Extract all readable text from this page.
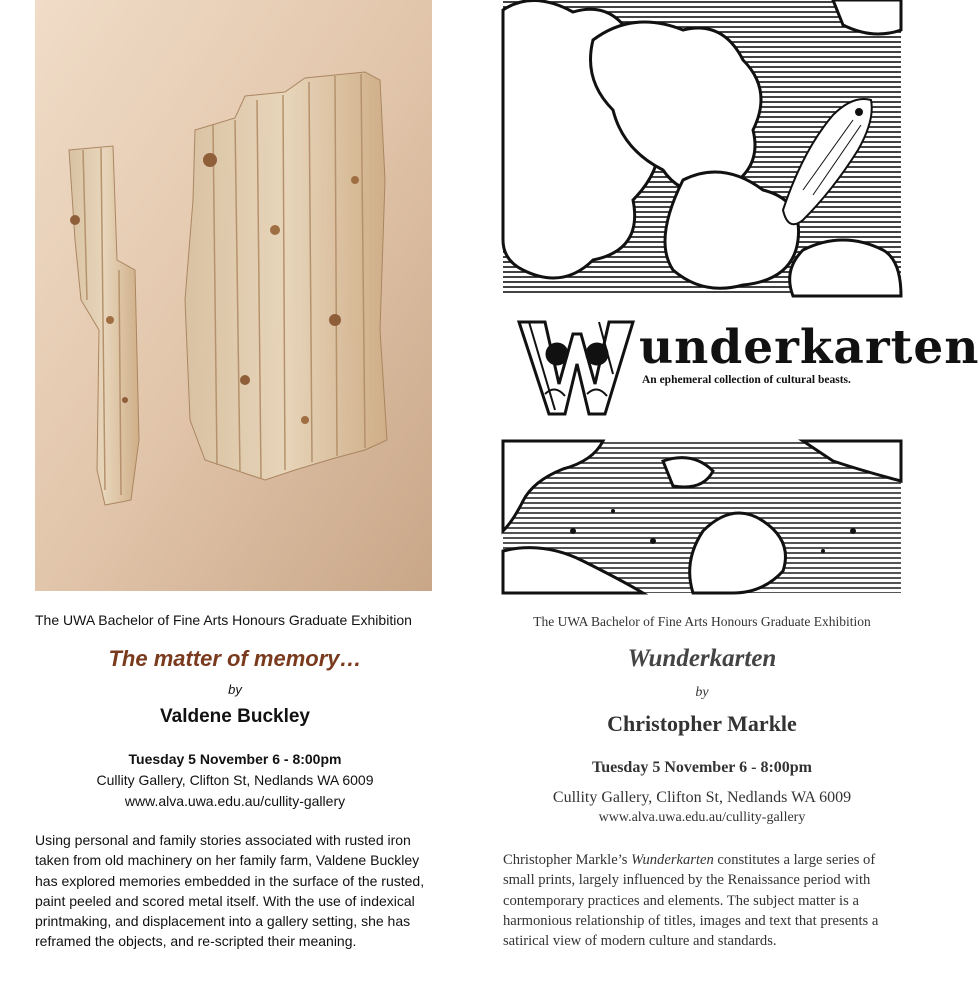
The UWA Bachelor of Fine Arts Honours Graduate Exhibition
The matter of memory…
by
Valdene Buckley
Tuesday 5 November 6 - 8:00pm
Cullity Gallery, Clifton St, Nedlands WA 6009
www.alva.uwa.edu.au/cullity-gallery
Using personal and family stories associated with rusted iron taken from old machinery on her family farm, Valdene Buckley has explored memories embedded in the surface of the rusted, paint peeled and scored metal itself. With the use of indexical printmaking, and displacement into a gallery setting, she has reframed the objects, and re-scripted their meaning.
underkarten
An ephemeral collection of cultural beasts.
The UWA Bachelor of Fine Arts Honours Graduate Exhibition
Wunderkarten
by
Christopher Markle
Tuesday 5 November 6 - 8:00pm
Cullity Gallery, Clifton St, Nedlands WA 6009
www.alva.uwa.edu.au/cullity-gallery
Christopher Markle’s Wunderkarten constitutes a large series of small prints, largely influenced by the Renaissance period with contemporary practices and elements. The subject matter is a harmonious relationship of titles, images and text that presents a satirical view of modern culture and standards.
